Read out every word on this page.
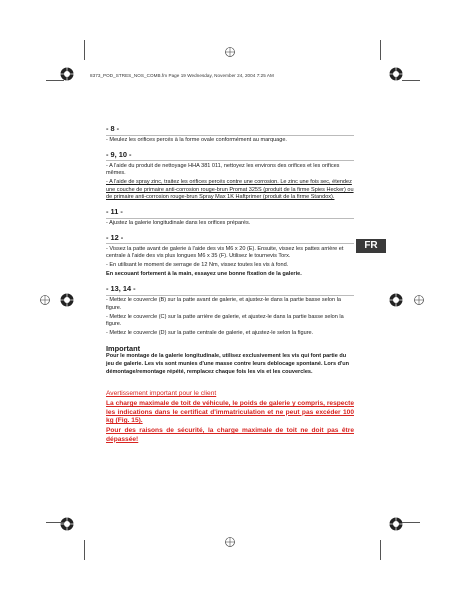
8373_POD_STRES_NOS_COMB.fm Page 19 Wednesday, November 24, 2004 7:25 AM
FR
- 8 -

- Meulez les orifices percés à la forme ovale conformément au marquage.

- 9, 10 -

- A l'aide du produit de nettoyage HHA 381 011, nettoyez les environs des orifices et les orifices mêmes.

- A l'aide de spray zinc, traitez les orifices percés contre une corrosion. Le zinc une fois sec, étendez une couche de primaire anti-corrosion rouge-brun Promat 325S (produit de la firme Spies Hecker) ou de primaire anti-corrosion rouge-brun Spray Max 1K Haftprimer (produit de la firme Standox).

- 11 -

- Ajustez la galerie longitudinale dans les orifices préparés.

- 12 -

- Vissez la patte avant de galerie à l'aide des vis M6 x 20 (E). Ensuite, vissez les pattes arrière et centrale à l'aide des vis plus longues M6 x 35 (F). Utilisez le tournevis Torx.

- En utilisant le moment de serrage de 12 Nm, vissez toutes les vis à fond.

En secouant fortement à la main, essayez une bonne fixation de la galerie.

- 13, 14 -

- Mettez le couvercle (B) sur la patte avant de galerie, et ajustez-le dans la partie basse selon la figure.

- Mettez le couvercle (C) sur la patte arrière de galerie, et ajustez-le dans la partie basse selon la figure.

- Mettez le couvercle (D) sur la patte centrale de galerie, et ajustez-le selon la figure.

Important

Pour le montage de la galerie longitudinale, utilisez exclusivement les vis qui font partie du jeu de galerie. Les vis sont munies d'une masse contre leurs deblocage spontané. Lors d'un démontage/remontage répété, remplacez chaque fois les vis et les couvercles.

Avertissement important pour le client

La charge maximale de toit de véhicule, le poids de galerie y compris, respecte les indications dans le certificat d'immatriculation et ne peut pas excéder 100 kg (Fig. 15).

Pour des raisons de sécurité, la charge maximale de toit ne doit pas être dépassée!
